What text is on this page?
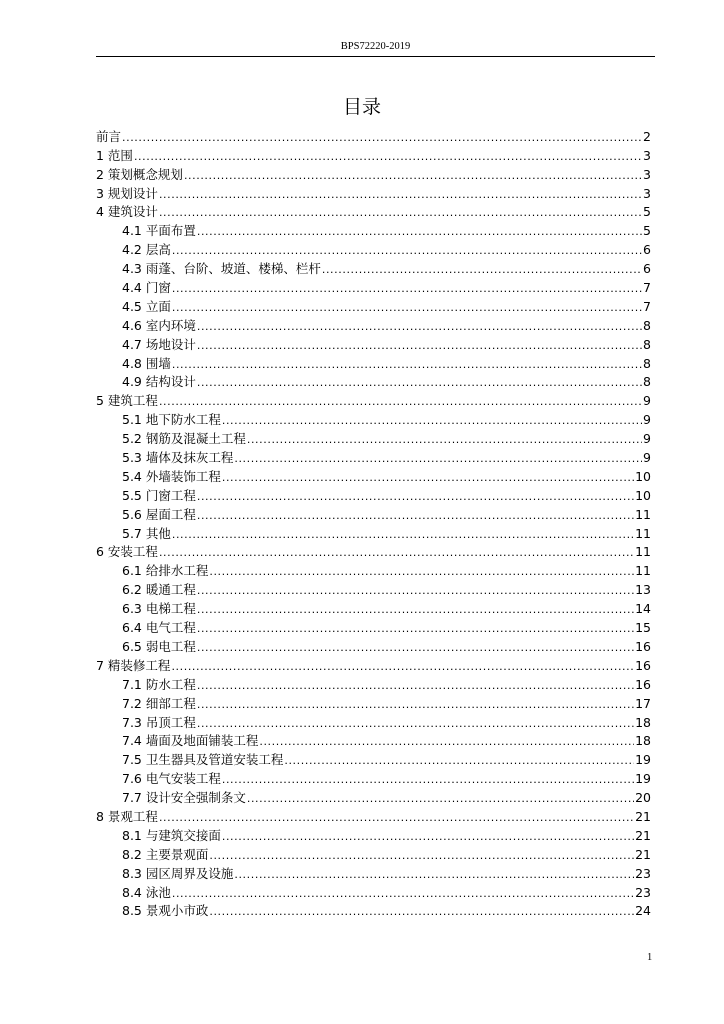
BPS72220-2019
目录
前言 .....	2
1 范围 .....	3
2 策划概念规划 .....	3
3 规划设计 .....	3
4 建筑设计 .....	5
4.1 平面布置 .....	5
4.2 层高 .....	6
4.3 雨蓬、台阶、坡道、楼梯、栏杆 .....	6
4.4 门窗 .....	7
4.5 立面 .....	7
4.6 室内环境 .....	8
4.7 场地设计 .....	8
4.8 围墙 .....	8
4.9 结构设计 .....	8
5 建筑工程 .....	9
5.1 地下防水工程 .....	9
5.2 钢筋及混凝土工程 .....	9
5.3 墙体及抹灰工程 .....	9
5.4 外墙装饰工程 .....	10
5.5 门窗工程 .....	10
5.6 屋面工程 .....	11
5.7 其他 .....	11
6 安装工程 .....	11
6.1 给排水工程 .....	11
6.2 暖通工程 .....	13
6.3 电梯工程 .....	14
6.4 电气工程 .....	15
6.5 弱电工程 .....	16
7 精装修工程 .....	16
7.1 防水工程 .....	16
7.2 细部工程 .....	17
7.3 吊顶工程 .....	18
7.4 墙面及地面铺装工程 .....	18
7.5 卫生器具及管道安装工程 .....	19
7.6 电气安装工程 .....	19
7.7 设计安全强制条文 .....	20
8 景观工程 .....	21
8.1 与建筑交接面 .....	21
8.2 主要景观面 .....	21
8.3 园区周界及设施 .....	23
8.4 泳池 .....	23
8.5 景观小市政 .....	24
1
